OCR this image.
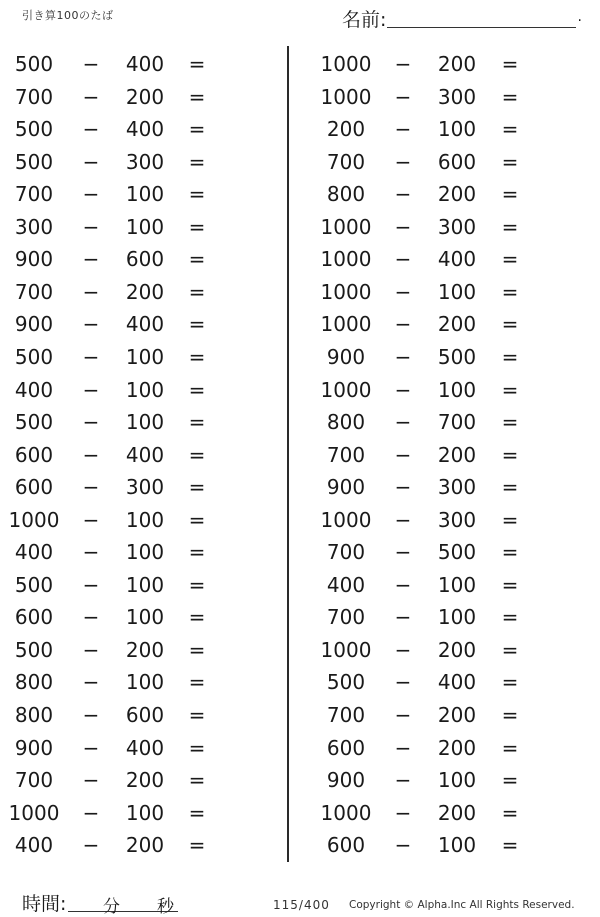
引き算100のたば	名前:	.
500	− 400 =
700	− 200 =
500	− 400 =
500	− 300 =
700	− 100 =
300	− 100 =
900	− 600 =
700	− 200 =
900	− 400 =
500	− 100 =
400	− 100 =
500	− 100 =
600	− 400 =
600	− 300 =
1000 − 100 =
400	− 100 =
500	− 100 =
600	− 100 =
500	− 200 =
800	− 100 =
800	− 600 =
900	− 400 =
700	− 200 =
1000 − 100 =
400	− 200 =
1000 − 200 =
1000 − 300 =
200	− 100 =
700	− 600 =
800	− 200 =
1000 − 300 =
1000 − 400 =
1000 − 100 =
1000 − 200 =
900	− 500 =
1000 − 100 =
800	− 700 =
700	− 200 =
900	− 300 =
1000 − 300 =
700	− 500 =
400	− 100 =
700	− 100 =
1000 − 200 =
500	− 400 =
700	− 200 =
600	− 200 =
900	− 100 =
1000 − 200 =
600	− 100 =
時間: 分 秒	115/400 Copyright © Alpha.Inc All Rights Reserved.
